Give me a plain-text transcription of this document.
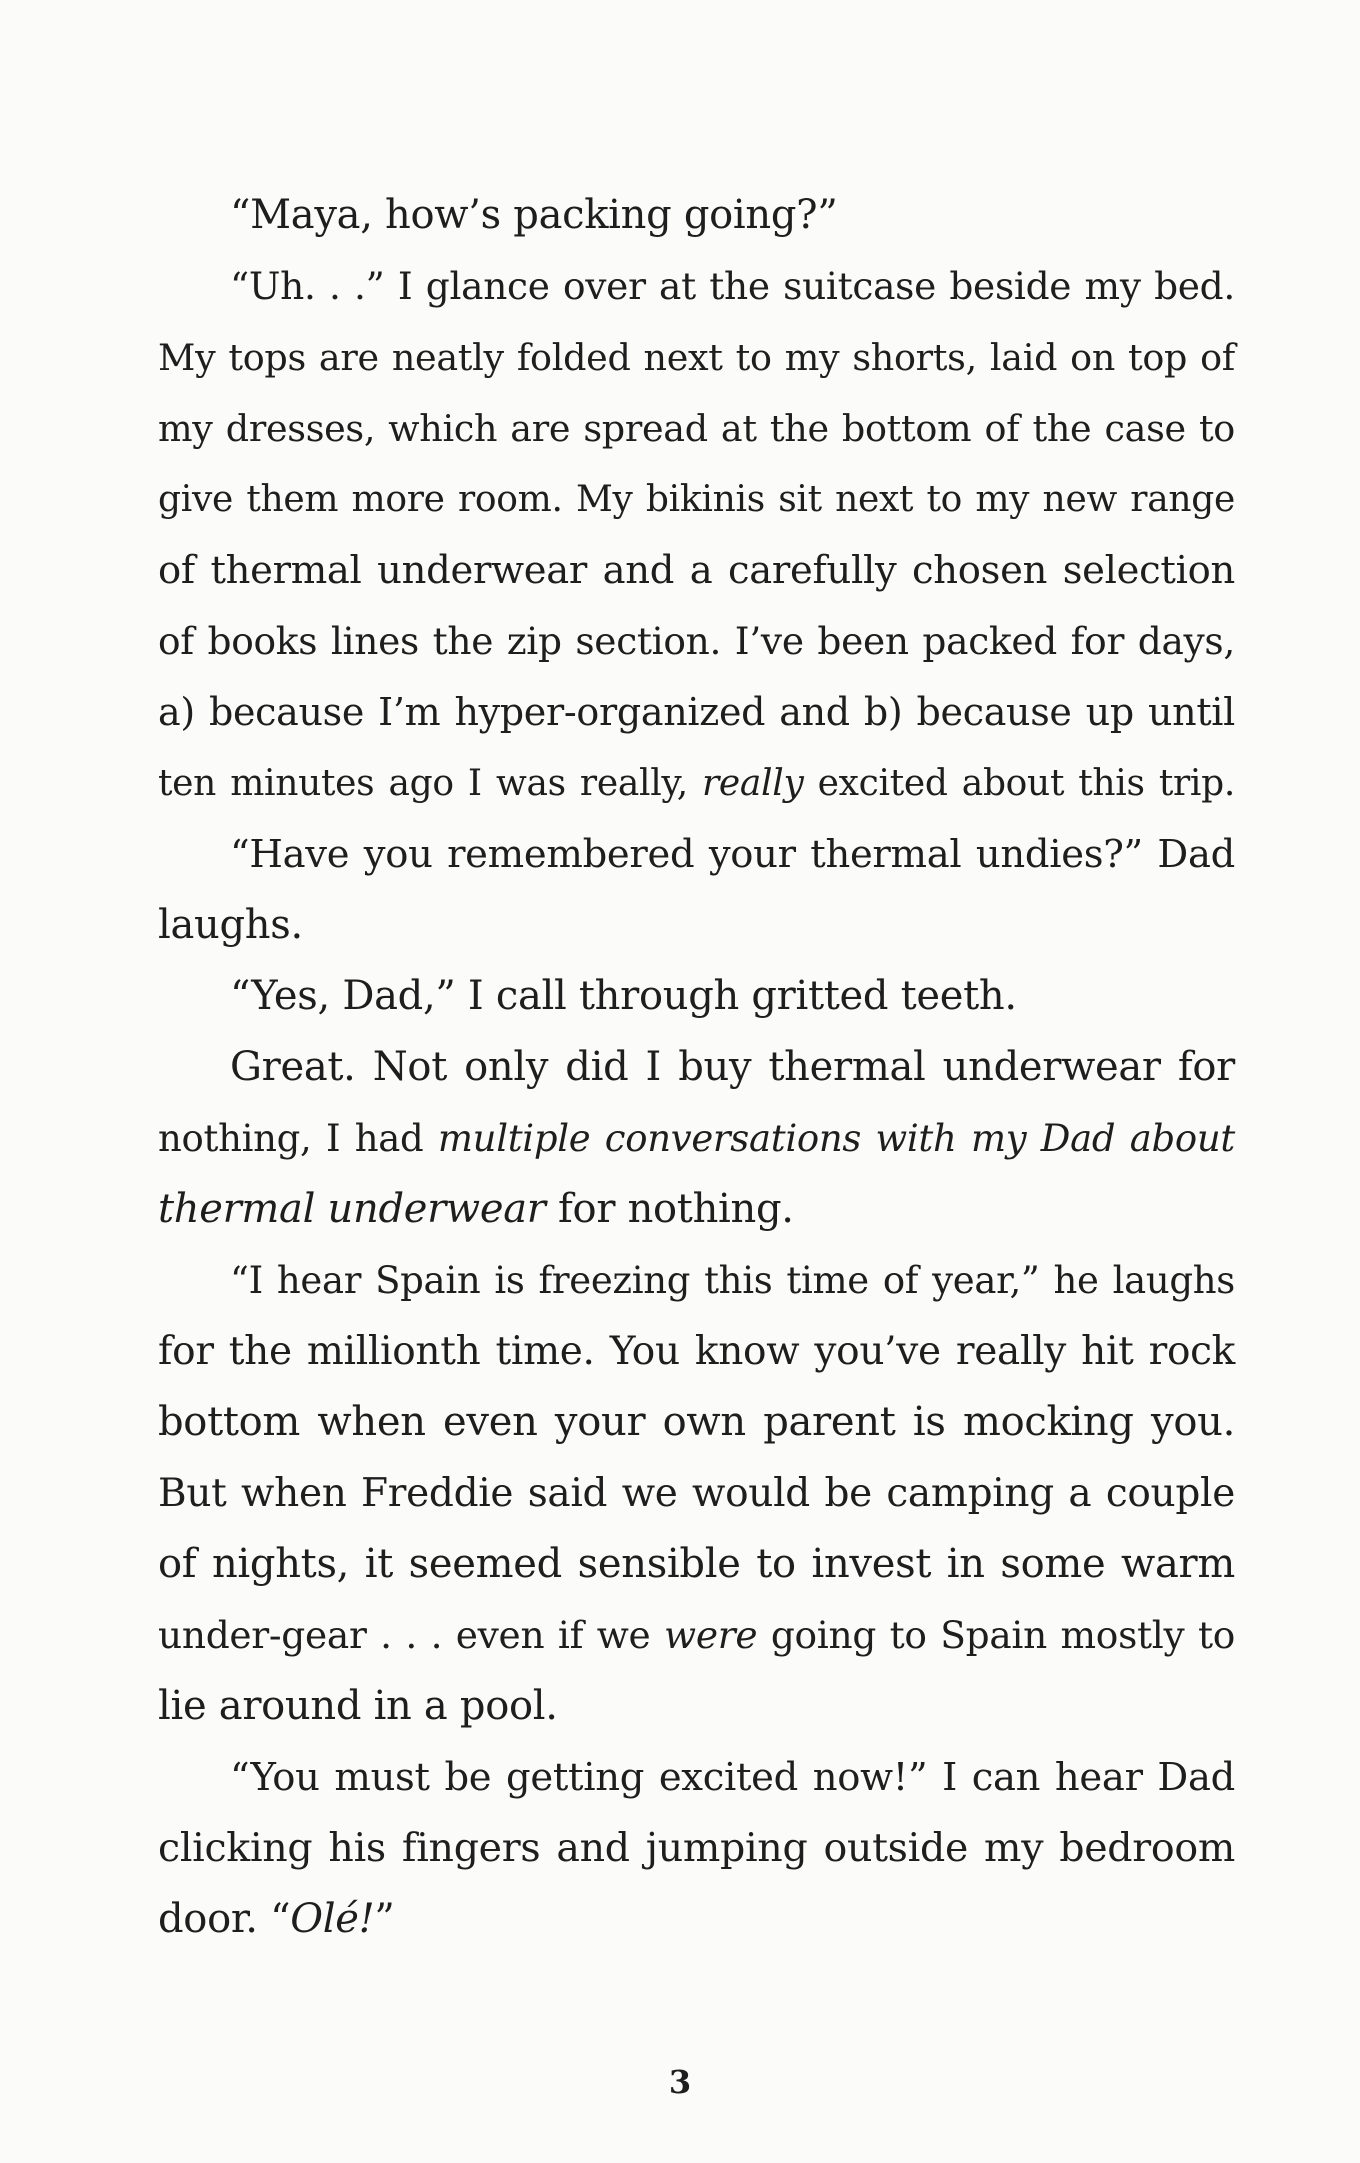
“Maya, how’s packing going?”
“Uh. . .” I glance over at the suitcase beside my bed.
My tops are neatly folded next to my shorts, laid on top of
my dresses, which are spread at the bottom of the case to
give them more room. My bikinis sit next to my new range
of thermal underwear and a carefully chosen selection
of books lines the zip section. I’ve been packed for days,
a) because I’m hyper-organized and b) because up until
ten minutes ago I was really, really excited about this trip.
“Have you remembered your thermal undies?” Dad
laughs.
“Yes, Dad,” I call through gritted teeth.
Great. Not only did I buy thermal underwear for
nothing, I had multiple conversations with my Dad about
thermal underwear for nothing.
“I hear Spain is freezing this time of year,” he laughs
for the millionth time. You know you’ve really hit rock
bottom when even your own parent is mocking you.
But when Freddie said we would be camping a couple
of nights, it seemed sensible to invest in some warm
under-gear . . . even if we were going to Spain mostly to
lie around in a pool.
“You must be getting excited now!” I can hear Dad
clicking his fingers and jumping outside my bedroom
door. “Olé!”
3
